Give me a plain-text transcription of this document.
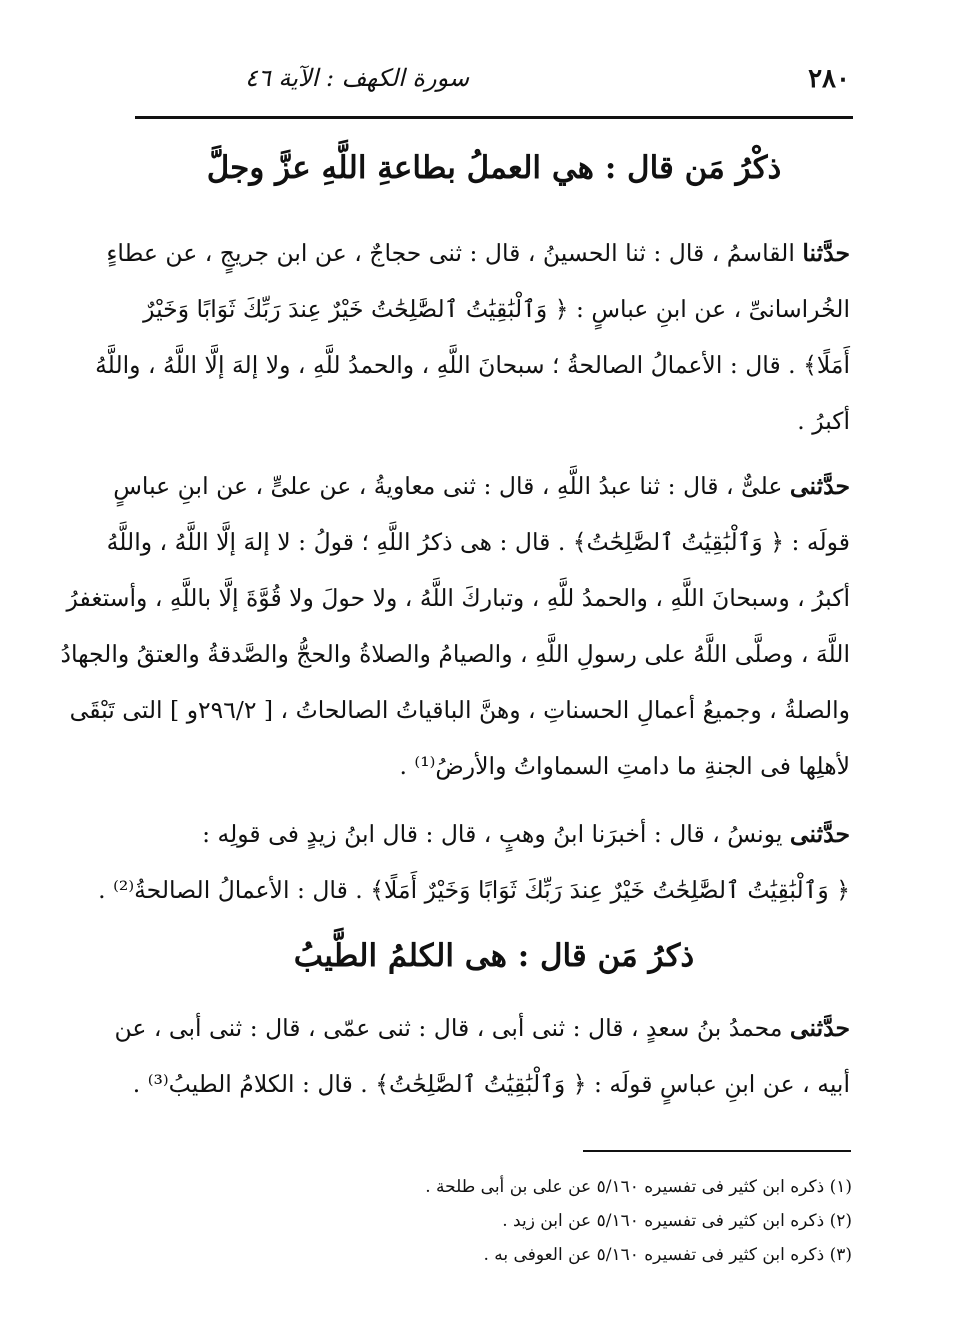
٢٨٠
سورة الكهف : الآية ٤٦
ذكْرُ مَن قال : هي العملُ بطاعةِ اللَّهِ عزَّ وجلَّ
حدَّثنا القاسمُ ، قال : ثنا الحسينُ ، قال : ثنى حجاجٌ ، عن ابن جريجٍ ، عن عطاءٍ
الخُراسانىِّ ، عن ابنِ عباسٍ : ﴿ وَٱلْبَٰقِيَٰتُ ٱلصَّٰلِحَٰتُ خَيْرٌ عِندَ رَبِّكَ ثَوَابًا وَخَيْرٌ
أَمَلًا﴾ . قال : الأعمالُ الصالحةُ ؛ سبحانَ اللَّهِ ، والحمدُ للَّهِ ، ولا إلهَ إلَّا اللَّهُ ، واللَّهُ
أكبرُ .
حدَّثنى علىٌّ ، قال : ثنا عبدُ اللَّهِ ، قال : ثنى معاويةُ ، عن علىٍّ ، عن ابنِ عباسٍ
قولَه : ﴿ وَٱلْبَٰقِيَٰتُ ٱلصَّٰلِحَٰتُ﴾ . قال : هى ذكرُ اللَّهِ ؛ قولُ : لا إلهَ إلَّا اللَّهُ ، واللَّهُ
أكبرُ ، وسبحانَ اللَّهِ ، والحمدُ للَّهِ ، وتباركَ اللَّهُ ، ولا حولَ ولا قُوَّةَ إلَّا باللَّهِ ، وأستغفرُ
اللَّهَ ، وصلَّى اللَّهُ على رسولِ اللَّهِ ، والصيامُ والصلاةُ والحجُّ والصَّدقةُ والعتقُ والجهادُ
والصلةُ ، وجميعُ أعمالِ الحسناتِ ، وهنَّ الباقياتُ الصالحاتُ ، [ ٢٩٦/٢و ] التى تَبْقَى
لأهلِها فى الجنةِ ما دامتِ السماواتُ والأرضُ⁽¹⁾ .
حدَّثنى يونسُ ، قال : أخبرَنا ابنُ وهبٍ ، قال : قال ابنُ زيدٍ فى قولِه :
﴿ وَٱلْبَٰقِيَٰتُ ٱلصَّٰلِحَٰتُ خَيْرٌ عِندَ رَبِّكَ ثَوَابًا وَخَيْرٌ أَمَلًا﴾ . قال : الأعمالُ الصالحةُ⁽²⁾ .
ذكرُ مَن قال : هى الكلمُ الطَّيبُ
حدَّثنى محمدُ بنُ سعدٍ ، قال : ثنى أبى ، قال : ثنى عمّى ، قال : ثنى أبى ، عن
أبيه ، عن ابنِ عباسٍ قولَه : ﴿ وَٱلْبَٰقِيَٰتُ ٱلصَّٰلِحَٰتُ﴾ . قال : الكلامُ الطيبُ⁽³⁾ .
(١) ذكره ابن كثير فى تفسيره ٥/١٦٠ عن على بن أبى طلحة .
(٢) ذكره ابن كثير فى تفسيره ٥/١٦٠ عن ابن زيد .
(٣) ذكره ابن كثير فى تفسيره ٥/١٦٠ عن العوفى به .
